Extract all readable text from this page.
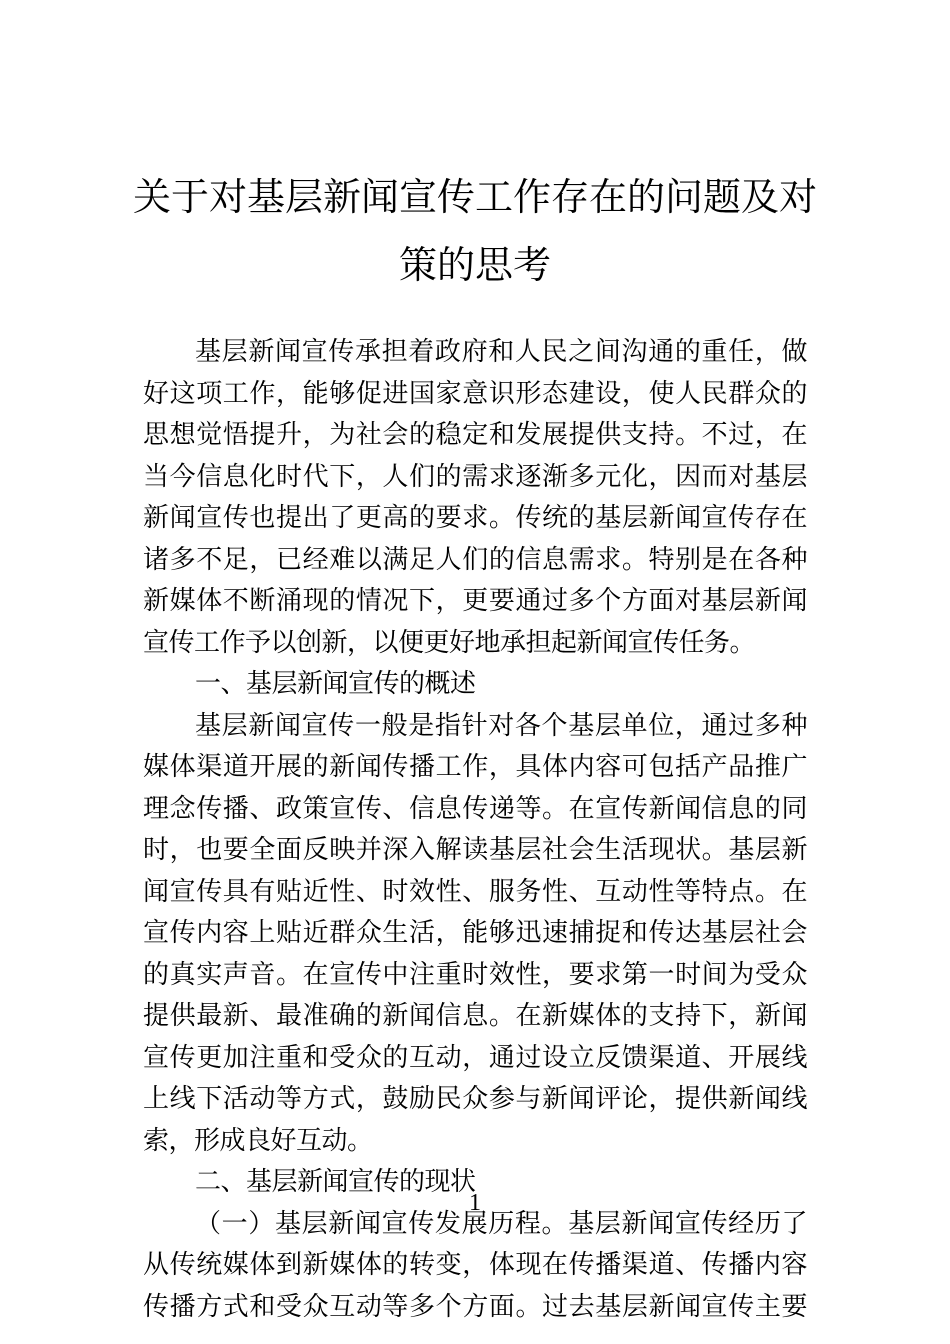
关于对基层新闻宣传工作存在的问题及对
策的思考
基层新闻宣传承担着政府和人民之间沟通的重任，做
好这项工作，能够促进国家意识形态建设，使人民群众的
思想觉悟提升，为社会的稳定和发展提供支持。不过，在
当今信息化时代下，人们的需求逐渐多元化，因而对基层
新闻宣传也提出了更高的要求。传统的基层新闻宣传存在
诸多不足，已经难以满足人们的信息需求。特别是在各种
新媒体不断涌现的情况下，更要通过多个方面对基层新闻
宣传工作予以创新，以便更好地承担起新闻宣传任务。
一、基层新闻宣传的概述
基层新闻宣传一般是指针对各个基层单位，通过多种
媒体渠道开展的新闻传播工作，具体内容可包括产品推广
理念传播、政策宣传、信息传递等。在宣传新闻信息的同
时，也要全面反映并深入解读基层社会生活现状。基层新
闻宣传具有贴近性、时效性、服务性、互动性等特点。在
宣传内容上贴近群众生活，能够迅速捕捉和传达基层社会
的真实声音。在宣传中注重时效性，要求第一时间为受众
提供最新、最准确的新闻信息。在新媒体的支持下，新闻
宣传更加注重和受众的互动，通过设立反馈渠道、开展线
上线下活动等方式，鼓励民众参与新闻评论，提供新闻线
索，形成良好互动。
二、基层新闻宣传的现状
（一）基层新闻宣传发展历程。基层新闻宣传经历了
从传统媒体到新媒体的转变，体现在传播渠道、传播内容
传播方式和受众互动等多个方面。过去基层新闻宣传主要
1
